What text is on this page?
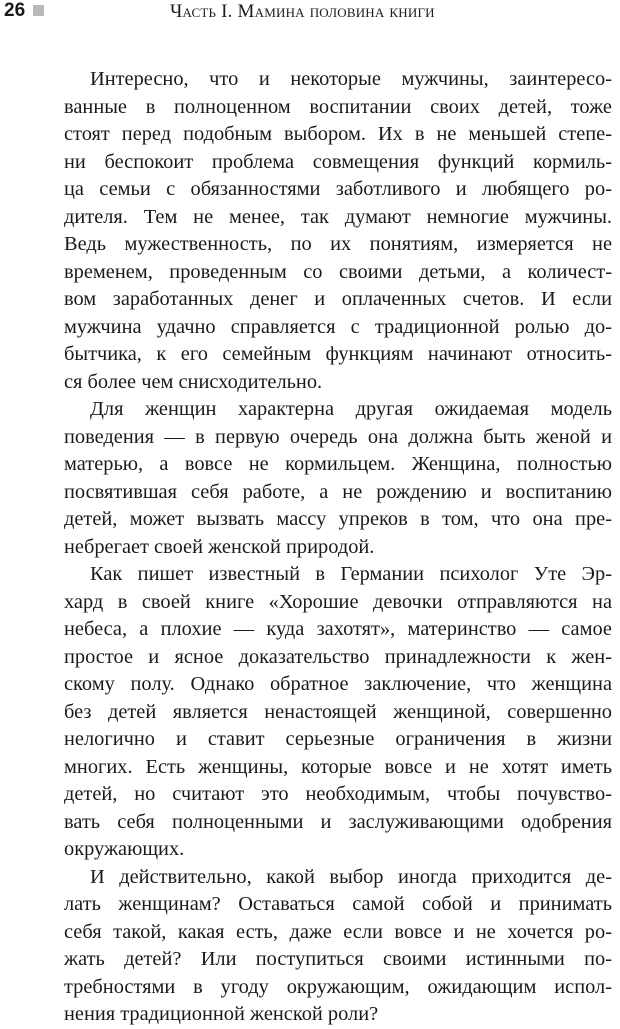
26	Часть I. Мамина половина книги
Интересно, что и некоторые мужчины, заинтересо-
ванные в полноценном воспитании своих детей, тоже
стоят перед подобным выбором. Их в не меньшей степе-
ни беспокоит проблема совмещения функций кормиль-
ца семьи с обязанностями заботливого и любящего ро-
дителя. Тем не менее, так думают немногие мужчины.
Ведь мужественность, по их понятиям, измеряется не
временем, проведенным со своими детьми, а количест-
вом заработанных денег и оплаченных счетов. И если
мужчина удачно справляется с традиционной ролью до-
бытчика, к его семейным функциям начинают относить-
ся более чем снисходительно.
Для женщин характерна другая ожидаемая модель
поведения — в первую очередь она должна быть женой и
матерью, а вовсе не кормильцем. Женщина, полностью
посвятившая себя работе, а не рождению и воспитанию
детей, может вызвать массу упреков в том, что она пре-
небрегает своей женской природой.
Как пишет известный в Германии психолог Уте Эр-
хард в своей книге «Хорошие девочки отправляются на
небеса, а плохие — куда захотят», материнство — самое
простое и ясное доказательство принадлежности к жен-
скому полу. Однако обратное заключение, что женщина
без детей является ненастоящей женщиной, совершенно
нелогично и ставит серьезные ограничения в жизни
многих. Есть женщины, которые вовсе и не хотят иметь
детей, но считают это необходимым, чтобы почувство-
вать себя полноценными и заслуживающими одобрения
окружающих.
И действительно, какой выбор иногда приходится де-
лать женщинам? Оставаться самой собой и принимать
себя такой, какая есть, даже если вовсе и не хочется ро-
жать детей? Или поступиться своими истинными по-
требностями в угоду окружающим, ожидающим испол-
нения традиционной женской роли?
